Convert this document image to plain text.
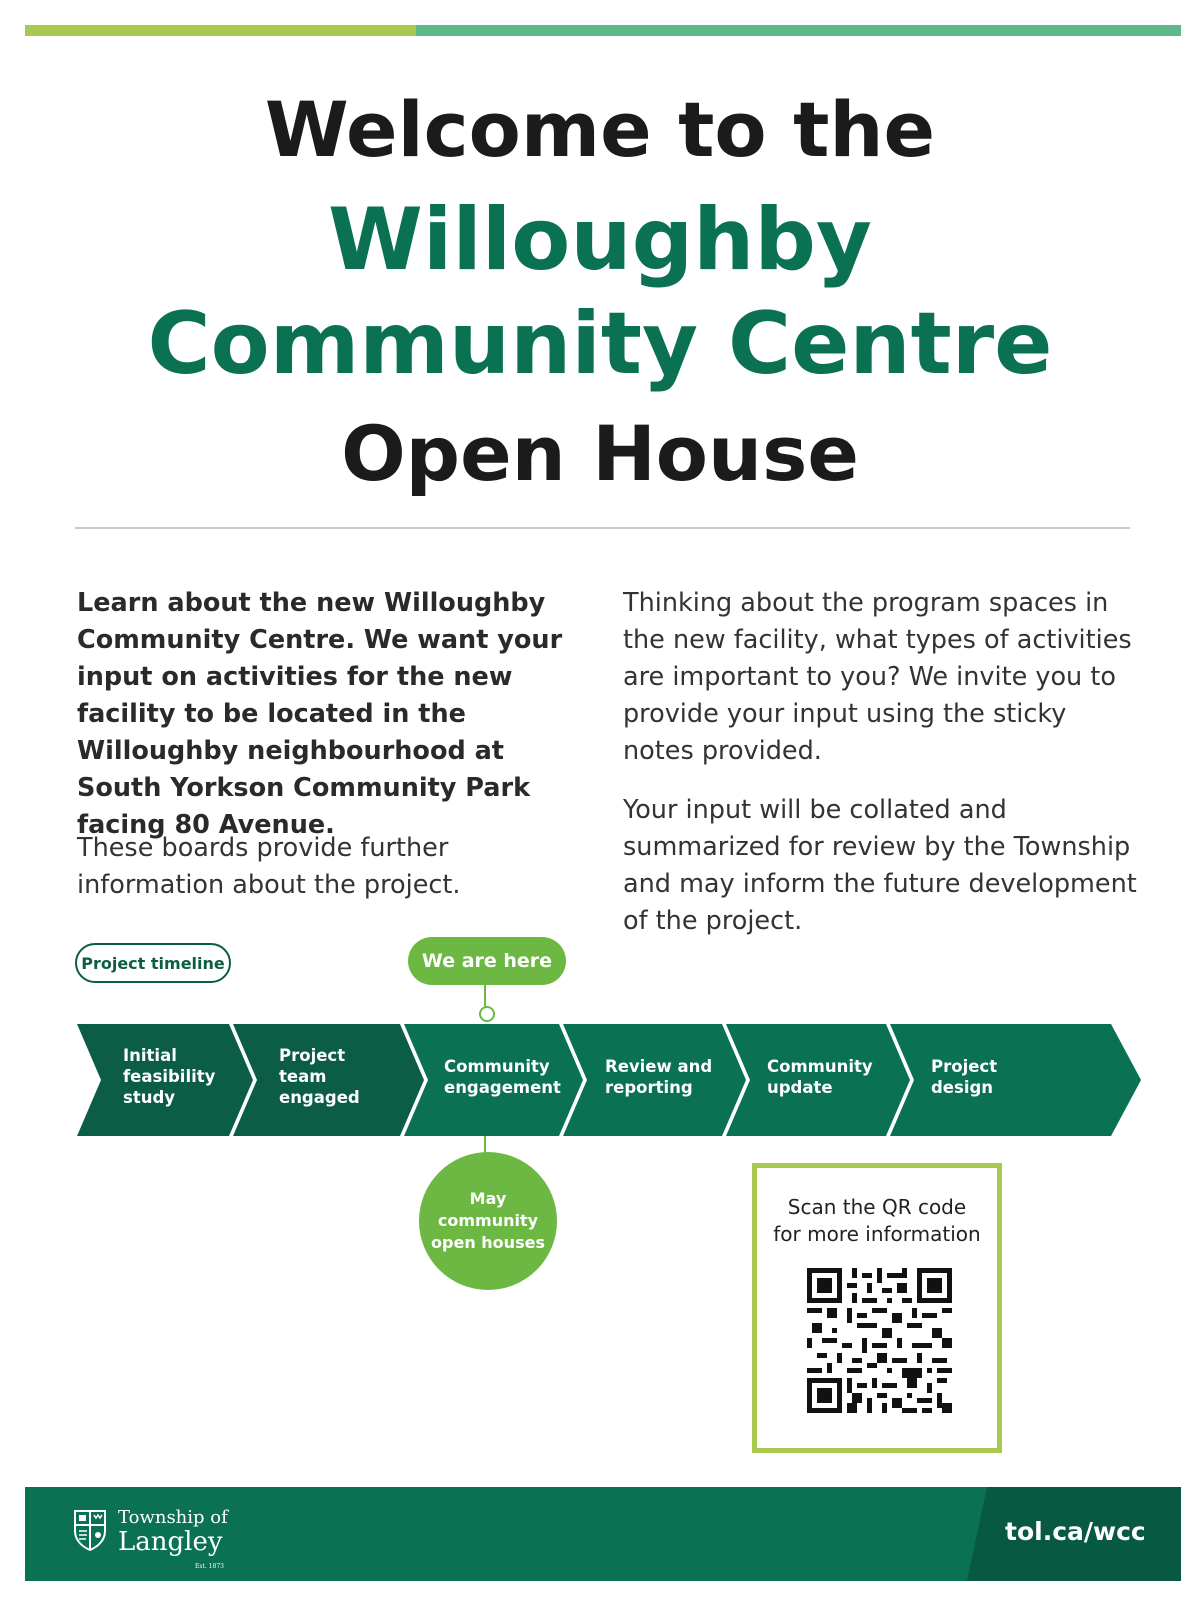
Welcome to the
Willoughby
Community Centre
Open House

Learn about the new Willoughby Community Centre. We want your input on activities for the new facility to be located in the Willoughby neighbourhood at South Yorkson Community Park facing 80 Avenue.

These boards provide further information about the project.

Thinking about the program spaces in the new facility, what types of activities are important to you? We invite you to provide your input using the sticky notes provided.

Your input will be collated and summarized for review by the Township and may inform the future development of the project.

Project timeline	We are here

Initial

feasibility

study

Project

team

engaged

Community

engagement

Review and

reporting

Community

update

Project

design

May
community
open houses

Scan the QR code
for more information

Township of
Langley
Est. 1873
tol.ca/wcc
